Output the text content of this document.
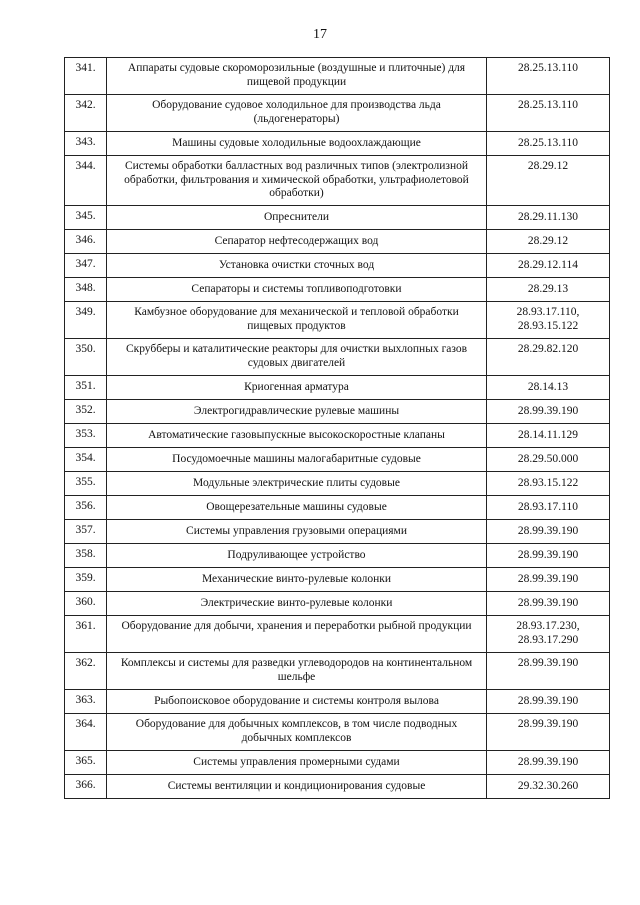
17
341.	Аппараты судовые скороморозильные (воздушные и плиточные) для пищевой продукции	28.25.13.110
342.	Оборудование судовое холодильное для производства льда (льдогенераторы)	28.25.13.110
343.	Машины судовые холодильные водоохлаждающие	28.25.13.110
344.	Системы обработки балластных вод различных типов (электролизной обработки, фильтрования и химической обработки, ультрафиолетовой обработки)	28.29.12
345.	Опреснители	28.29.11.130
346.	Сепаратор нефтесодержащих вод	28.29.12
347.	Установка очистки сточных вод	28.29.12.114
348.	Сепараторы и системы топливоподготовки	28.29.13
349.	Камбузное оборудование для механической и тепловой обработки пищевых продуктов	28.93.17.110,
28.93.15.122
350.	Скрубберы и каталитические реакторы для очистки выхлопных газов судовых двигателей	28.29.82.120
351.	Криогенная арматура	28.14.13
352.	Электрогидравлические рулевые машины	28.99.39.190
353.	Автоматические газовыпускные высокоскоростные клапаны	28.14.11.129
354.	Посудомоечные машины малогабаритные судовые	28.29.50.000
355.	Модульные электрические плиты судовые	28.93.15.122
356.	Овощерезательные машины судовые	28.93.17.110
357.	Системы управления грузовыми операциями	28.99.39.190
358.	Подруливающее устройство	28.99.39.190
359.	Механические винто-рулевые колонки	28.99.39.190
360.	Электрические винто-рулевые колонки	28.99.39.190
361.	Оборудование для добычи, хранения и переработки рыбной продукции	28.93.17.230,
28.93.17.290
362.	Комплексы и системы для разведки углеводородов на континентальном шельфе	28.99.39.190
363.	Рыбопоисковое оборудование и системы контроля вылова	28.99.39.190
364.	Оборудование для добычных комплексов, в том числе подводных добычных комплексов	28.99.39.190
365.	Системы управления промерными судами	28.99.39.190
366.	Системы вентиляции и кондиционирования судовые	29.32.30.260
